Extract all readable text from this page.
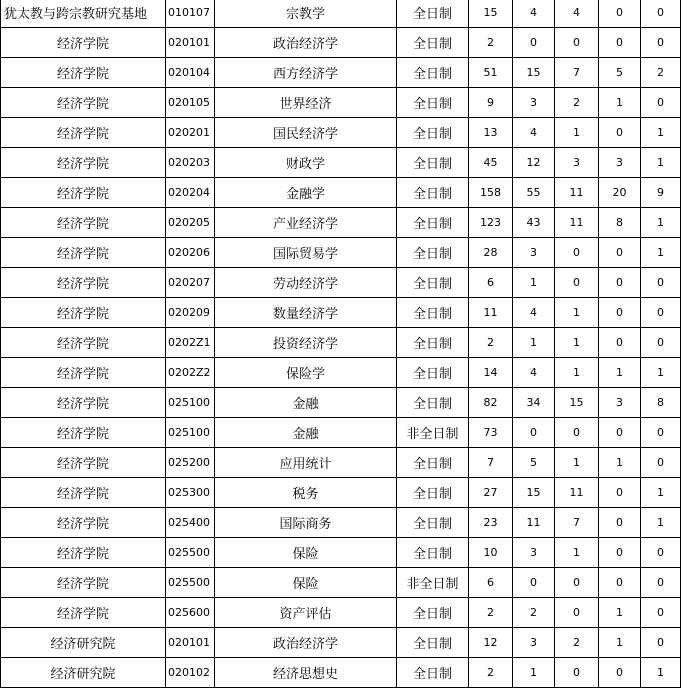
犹太教与跨宗教研究基地	010107	宗教学	全日制	15	4	4	0	0
经济学院	020101	政治经济学	全日制	2	0	0	0	0
经济学院	020104	西方经济学	全日制	51	15	7	5	2
经济学院	020105	世界经济	全日制	9	3	2	1	0
经济学院	020201	国民经济学	全日制	13	4	1	0	1
经济学院	020203	财政学	全日制	45	12	3	3	1
经济学院	020204	金融学	全日制	158	55	11	20	9
经济学院	020205	产业经济学	全日制	123	43	11	8	1
经济学院	020206	国际贸易学	全日制	28	3	0	0	1
经济学院	020207	劳动经济学	全日制	6	1	0	0	0
经济学院	020209	数量经济学	全日制	11	4	1	0	0
经济学院	0202Z1	投资经济学	全日制	2	1	1	0	0
经济学院	0202Z2	保险学	全日制	14	4	1	1	1
经济学院	025100	金融	全日制	82	34	15	3	8
经济学院	025100	金融	非全日制	73	0	0	0	0
经济学院	025200	应用统计	全日制	7	5	1	1	0
经济学院	025300	税务	全日制	27	15	11	0	1
经济学院	025400	国际商务	全日制	23	11	7	0	1
经济学院	025500	保险	全日制	10	3	1	0	0
经济学院	025500	保险	非全日制	6	0	0	0	0
经济学院	025600	资产评估	全日制	2	2	0	1	0
经济研究院	020101	政治经济学	全日制	12	3	2	1	0
经济研究院	020102	经济思想史	全日制	2	1	0	0	1
